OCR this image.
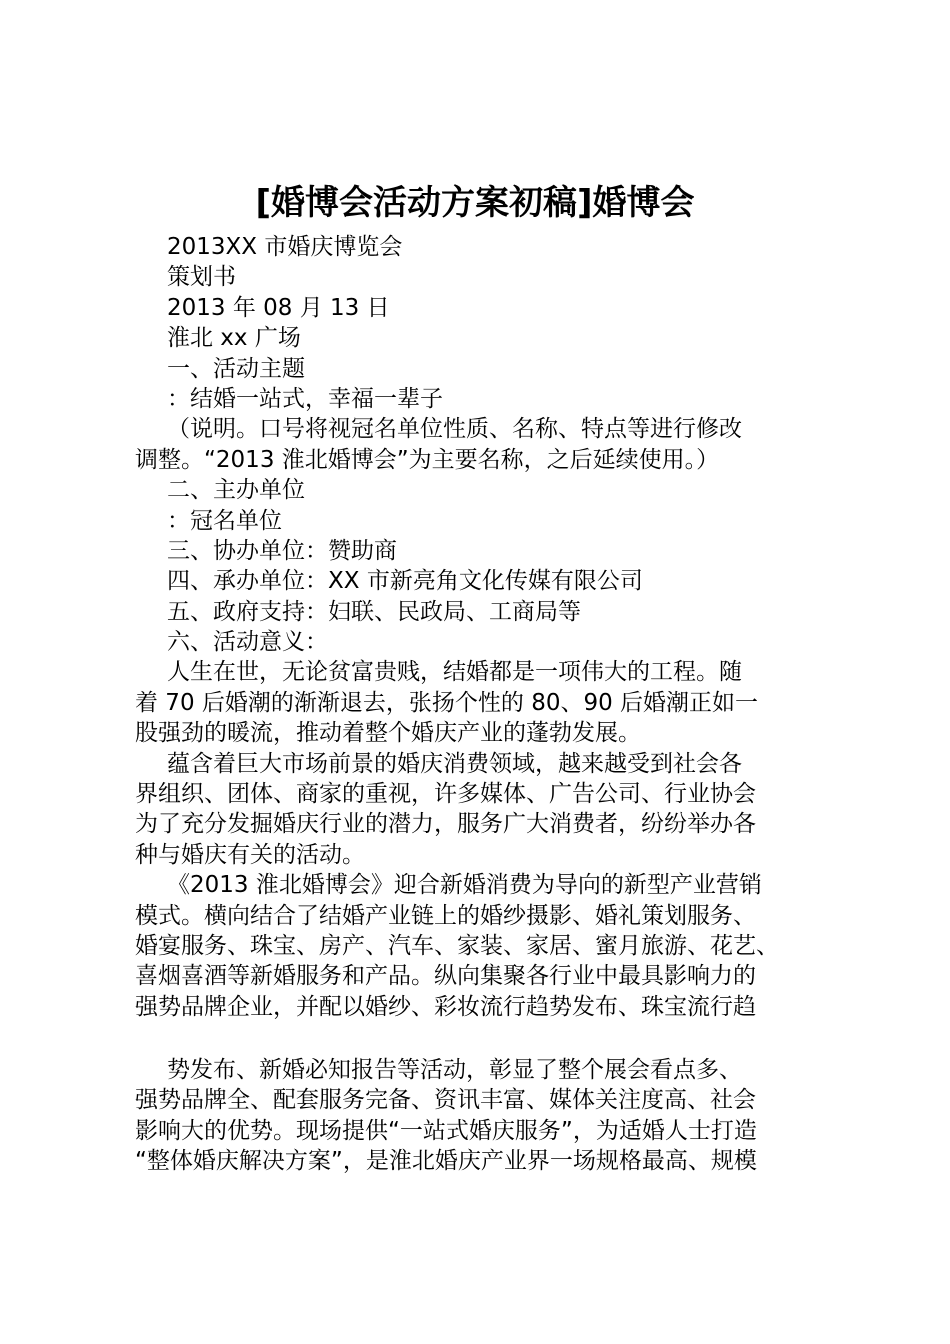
[婚博会活动方案初稿]婚博会
2013XX 市婚庆博览会
策划书
2013 年 08 月 13 日
淮北 xx 广场
一、活动主题
：结婚一站式，幸福一辈子
（说明。口号将视冠名单位性质、名称、特点等进行修改
调整。“2013 淮北婚博会”为主要名称，之后延续使用。）
二、主办单位
：冠名单位
三、协办单位：赞助商
四、承办单位：XX 市新亮角文化传媒有限公司
五、政府支持：妇联、民政局、工商局等
六、活动意义：
人生在世，无论贫富贵贱，结婚都是一项伟大的工程。随
着 70 后婚潮的渐渐退去，张扬个性的 80、90 后婚潮正如一
股强劲的暖流，推动着整个婚庆产业的蓬勃发展。
蕴含着巨大市场前景的婚庆消费领域，越来越受到社会各
界组织、团体、商家的重视，许多媒体、广告公司、行业协会
为了充分发掘婚庆行业的潜力，服务广大消费者，纷纷举办各
种与婚庆有关的活动。
《2013 淮北婚博会》迎合新婚消费为导向的新型产业营销
模式。横向结合了结婚产业链上的婚纱摄影、婚礼策划服务、
婚宴服务、珠宝、房产、汽车、家装、家居、蜜月旅游、花艺、
喜烟喜酒等新婚服务和产品。纵向集聚各行业中最具影响力的
强势品牌企业，并配以婚纱、彩妆流行趋势发布、珠宝流行趋
势发布、新婚必知报告等活动，彰显了整个展会看点多、
强势品牌全、配套服务完备、资讯丰富、媒体关注度高、社会
影响大的优势。现场提供“一站式婚庆服务”，为适婚人士打造
“整体婚庆解决方案”，是淮北婚庆产业界一场规格最高、规模
